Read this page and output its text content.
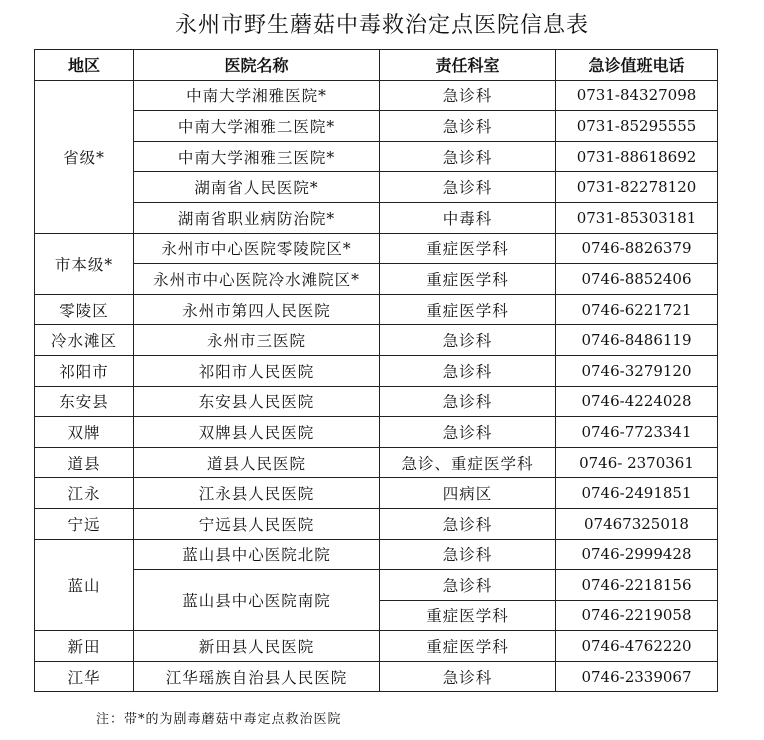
永州市野生蘑菇中毒救治定点医院信息表
地区	医院名称	责任科室	急诊值班电话
省级*	中南大学湘雅医院*	急诊科	0731-84327098
	中南大学湘雅二医院*	急诊科	0731-85295555
	中南大学湘雅三医院*	急诊科	0731-88618692
	湖南省人民医院*	急诊科	0731-82278120
	湖南省职业病防治院*	中毒科	0731-85303181
市本级*	永州市中心医院零陵院区*	重症医学科	0746-8826379
	永州市中心医院冷水滩院区*	重症医学科	0746-8852406
零陵区	永州市第四人民医院	重症医学科	0746-6221721
冷水滩区	永州市三医院	急诊科	0746-8486119
祁阳市	祁阳市人民医院	急诊科	0746-3279120
东安县	东安县人民医院	急诊科	0746-4224028
双牌	双牌县人民医院	急诊科	0746-7723341
道县	道县人民医院	急诊、重症医学科	0746- 2370361
江永	江永县人民医院	四病区	0746-2491851
宁远	宁远县人民医院	急诊科	07467325018
蓝山	蓝山县中心医院北院	急诊科	0746-2999428
	蓝山县中心医院南院	急诊科	0746-2218156
		重症医学科	0746-2219058
新田	新田县人民医院	重症医学科	0746-4762220
江华	江华瑶族自治县人民医院	急诊科	0746-2339067
注：带*的为剧毒蘑菇中毒定点救治医院
